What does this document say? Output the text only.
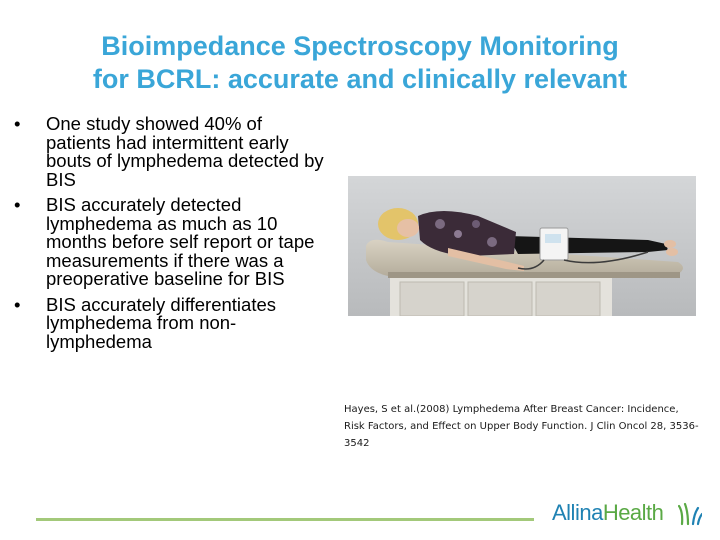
Bioimpedance Spectroscopy Monitoring
for BCRL: accurate and clinically relevant
•	One study showed 40% of patients had intermittent early bouts of lymphedema detected by BIS
•	BIS accurately detected lymphedema as much as 10 months before self report or tape measurements if there was a preoperative baseline for BIS
•	BIS accurately differentiates lymphedema from non-lymphedema
Hayes, S et al.(2008) Lymphedema After Breast Cancer: Incidence, Risk Factors, and Effect on Upper Body Function. J Clin Oncol 28, 3536-3542
AllinaHealth
